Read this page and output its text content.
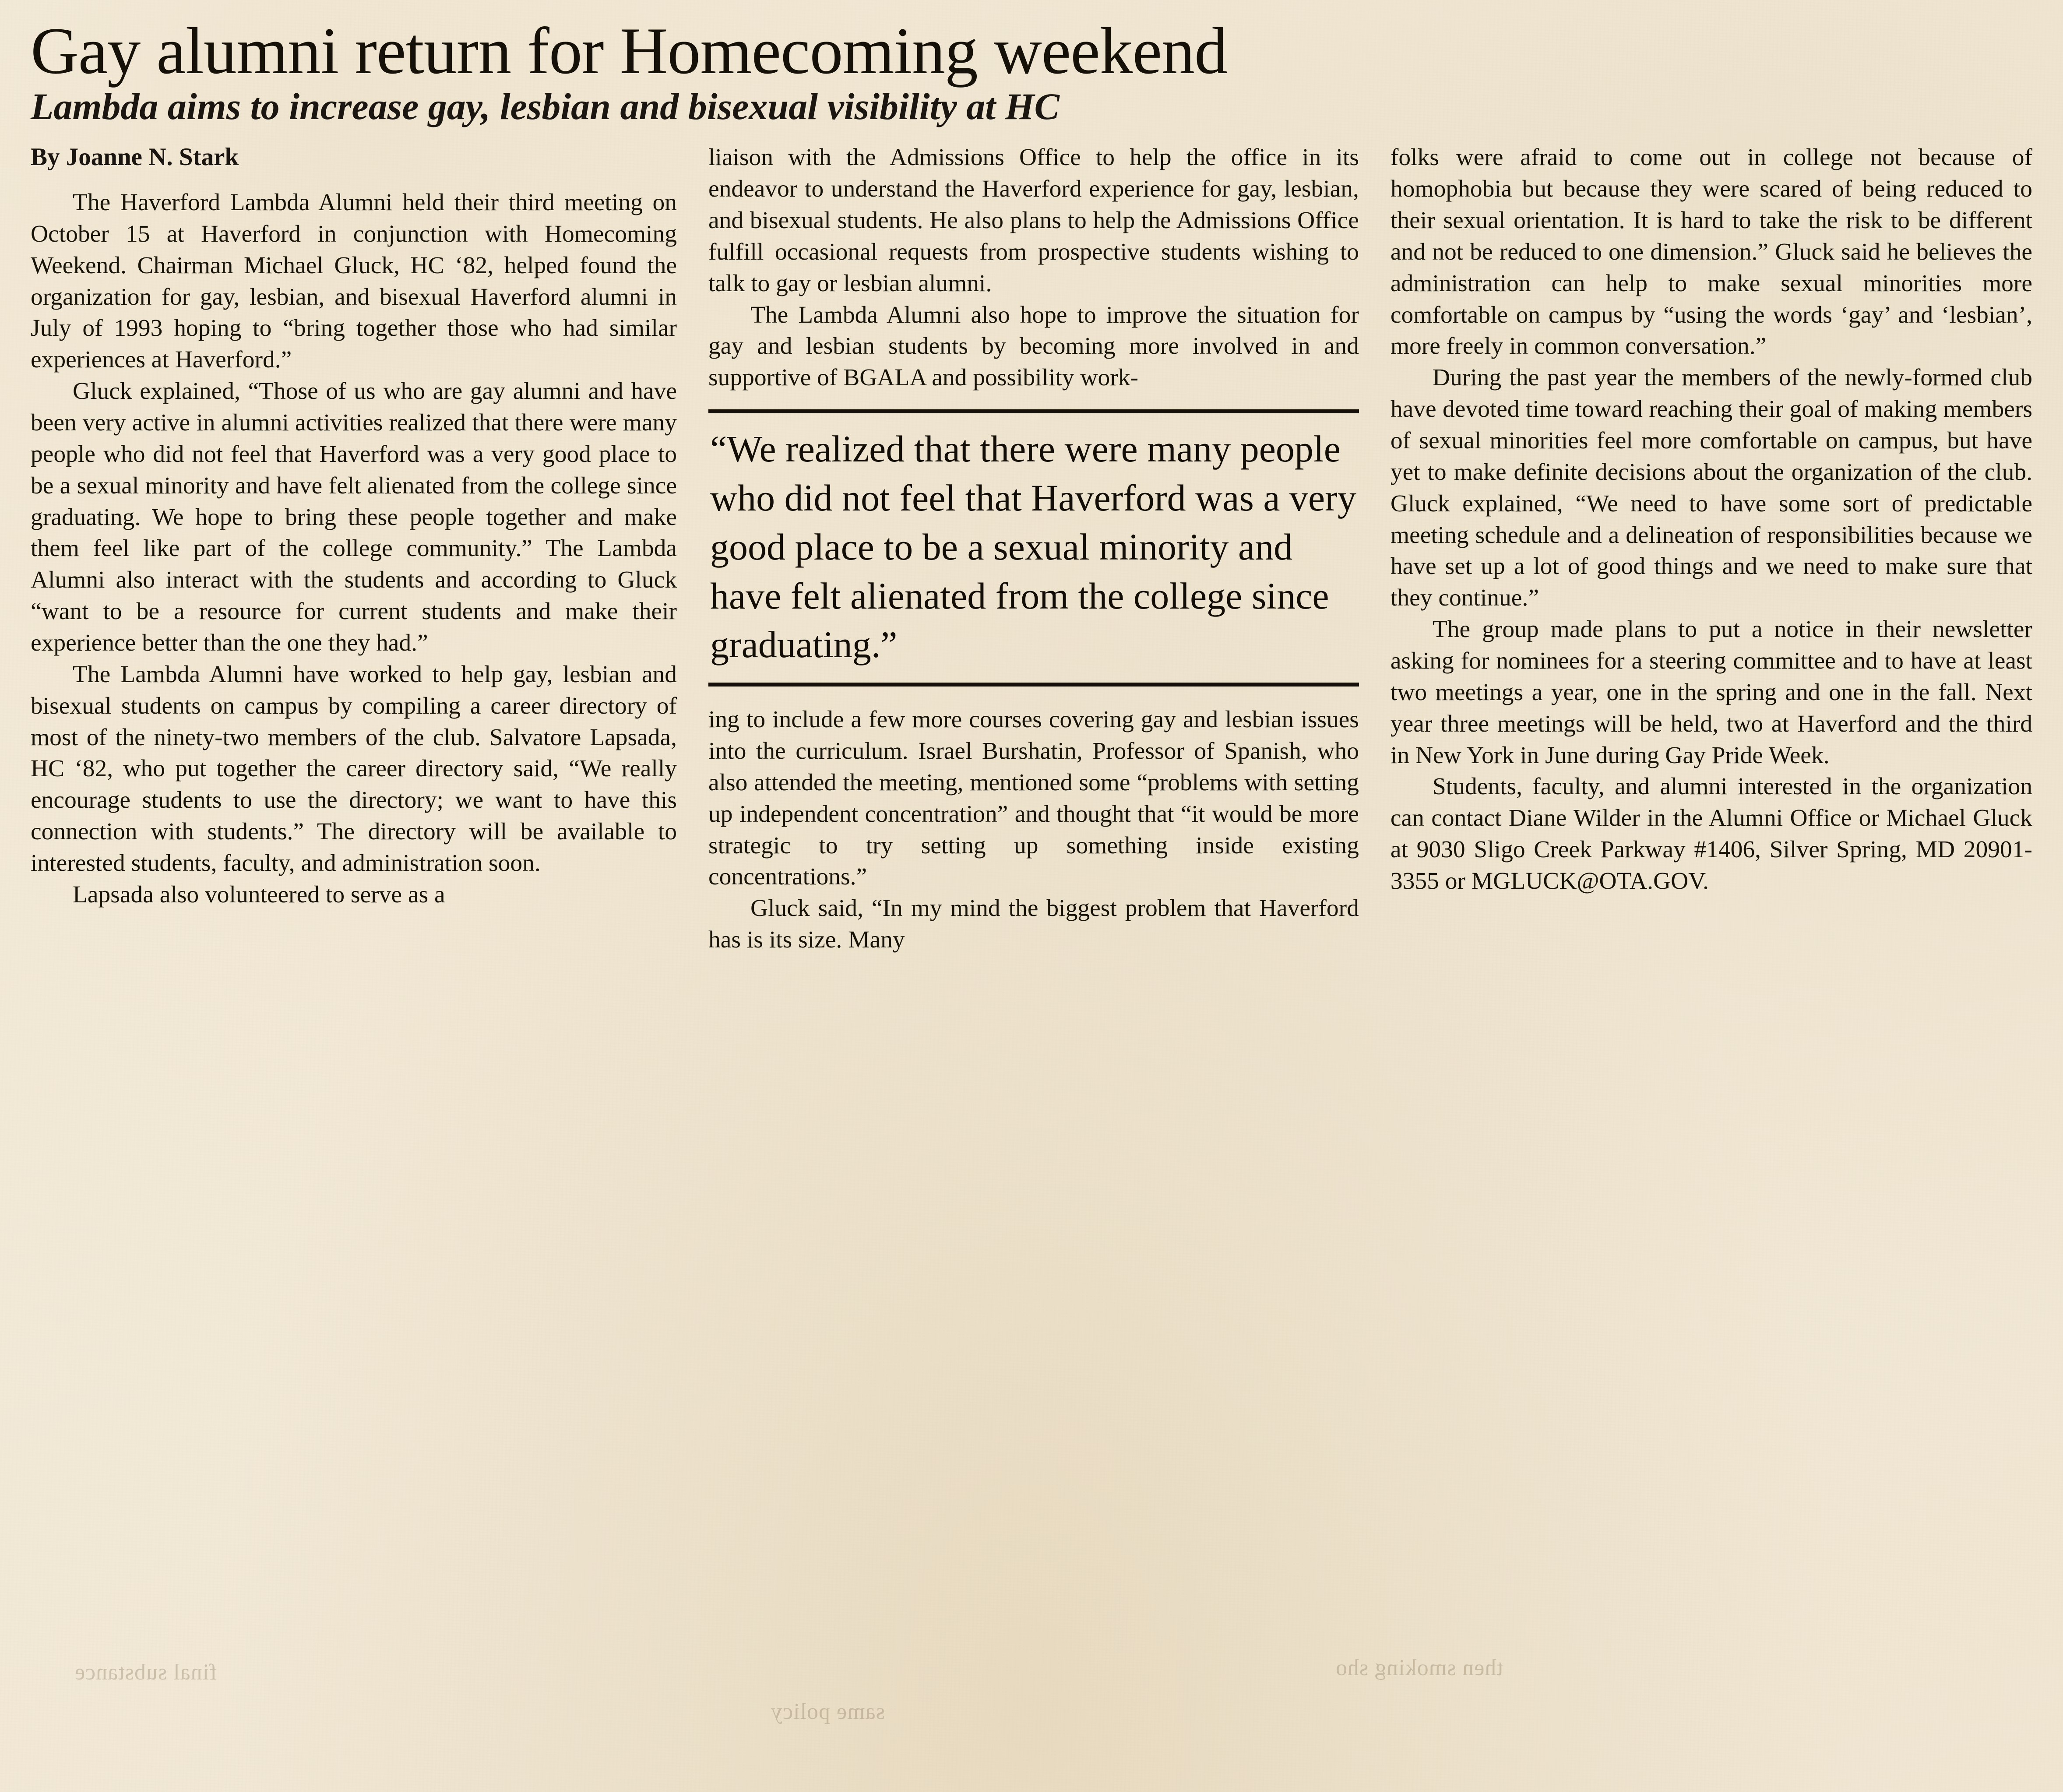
Gay alumni return for Homecoming weekend
Lambda aims to increase gay, lesbian and bisexual visibility at HC
By Joanne N. Stark

The Haverford Lambda Alumni held their third meeting on October 15 at Haverford in conjunction with Homecoming Weekend. Chairman Michael Gluck, HC ‘82, helped found the organization for gay, lesbian, and bisexual Haverford alumni in July of 1993 hoping to “bring together those who had similar experiences at Haverford.”

Gluck explained, “Those of us who are gay alumni and have been very active in alumni activities realized that there were many people who did not feel that Haverford was a very good place to be a sexual minority and have felt alienated from the college since graduating. We hope to bring these people together and make them feel like part of the college community.” The Lambda Alumni also interact with the students and according to Gluck “want to be a resource for current students and make their experience better than the one they had.”

The Lambda Alumni have worked to help gay, lesbian and bisexual students on campus by compiling a career directory of most of the ninety-two members of the club. Salvatore Lapsada, HC ‘82, who put together the career directory said, “We really encourage students to use the directory; we want to have this connection with students.” The directory will be available to interested students, faculty, and administration soon.

Lapsada also volunteered to serve as a

liaison with the Admissions Office to help the office in its endeavor to understand the Haverford experience for gay, lesbian, and bisexual students. He also plans to help the Admissions Office fulfill occasional requests from prospective students wishing to talk to gay or lesbian alumni.

The Lambda Alumni also hope to improve the situation for gay and lesbian students by becoming more involved in and supportive of BGALA and possibility work-

“We realized that there were many people who did not feel that Haverford was a very good place to be a sexual minority and have felt alienated from the college since graduating.”

ing to include a few more courses covering gay and lesbian issues into the curriculum. Israel Burshatin, Professor of Spanish, who also attended the meeting, mentioned some “problems with setting up independent concentration” and thought that “it would be more strategic to try setting up something inside existing concentrations.”

Gluck said, “In my mind the biggest problem that Haverford has is its size. Many

folks were afraid to come out in college not because of homophobia but because they were scared of being reduced to their sexual orientation. It is hard to take the risk to be different and not be reduced to one dimension.” Gluck said he believes the administration can help to make sexual minorities more comfortable on campus by “using the words ‘gay’ and ‘lesbian’, more freely in common conversation.”

During the past year the members of the newly-formed club have devoted time toward reaching their goal of making members of sexual minorities feel more comfortable on campus, but have yet to make definite decisions about the organization of the club. Gluck explained, “We need to have some sort of predictable meeting schedule and a delineation of responsibilities because we have set up a lot of good things and we need to make sure that they continue.”

The group made plans to put a notice in their newsletter asking for nominees for a steering committee and to have at least two meetings a year, one in the spring and one in the fall. Next year three meetings will be held, two at Haverford and the third in New York in June during Gay Pride Week.

Students, faculty, and alumni interested in the organization can contact Diane Wilder in the Alumni Office or Michael Gluck at 9030 Sligo Creek Parkway #1406, Silver Spring, MD 20901-3355 or MGLUCK@OTA.GOV.

final substance	then smoking sho
same policy
